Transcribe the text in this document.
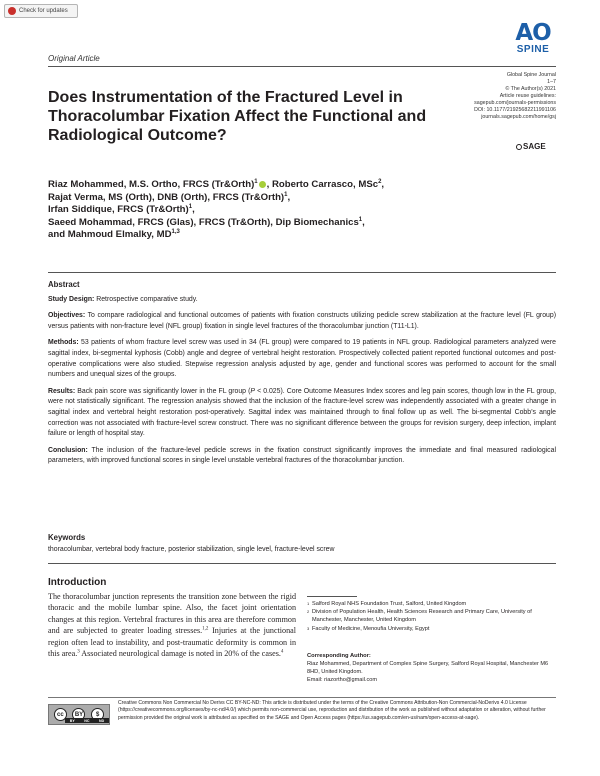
Check for updates
Original Article
AO
SPINE
Global Spine Journal
1–7
© The Author(s) 2021
Article reuse guidelines:
sagepub.com/journals-permissions
DOI: 10.1177/21925682211991106
journals.sagepub.com/home/gsj
SAGE
Does Instrumentation of the Fractured Level in Thoracolumbar Fixation Affect the Functional and Radiological Outcome?
Riaz Mohammed, M.S. Ortho, FRCS (Tr&Orth)$^1$ , Roberto Carrasco, MSc$^2$,
Rajat Verma, MS (Orth), DNB (Orth), FRCS (Tr&Orth)$^1$,
Irfan Siddique, FRCS (Tr&Orth)$^1$,
Saeed Mohammad, FRCS (Glas), FRCS (Tr&Orth), Dip Biomechanics$^1$,
and Mahmoud Elmalky, MD$^{1,3}$
Abstract

Study Design: Retrospective comparative study.

Objectives: To compare radiological and functional outcomes of patients with fixation constructs utilizing pedicle screw stabilization at the fracture level (FL group) versus patients with non-fracture level (NFL group) fixation in single level fractures of the thoracolumbar junction (T11-L1).

Methods: 53 patients of whom fracture level screw was used in 34 (FL group) were compared to 19 patients in NFL group. Radiological parameters analyzed were sagittal index, bi-segmental kyphosis (Cobb) angle and degree of vertebral height restoration. Prospectively collected patient reported functional outcomes and post-operative complications were also studied. Stepwise regression analysis adjusted by age, gender and functional scores was performed to account for the small numbers and unequal sizes of the groups.

Results: Back pain score was significantly lower in the FL group (P < 0.025). Core Outcome Measures Index scores and leg pain scores, though low in the FL group, were not statistically significant. The regression analysis showed that the inclusion of the fracture-level screw was independently associated with a greater change in sagittal index and vertebral height restoration post-operatively. Sagittal index was maintained through to final follow up as well. The bi-segmental Cobb’s angle correction was not associated with fracture-level screw construct. There was no significant difference between the groups for revision surgery, deep infection, implant failure or length of hospital stay.

Conclusion: The inclusion of the fracture-level pedicle screws in the fixation construct significantly improves the immediate and final measured radiological parameters, with improved functional scores in single level unstable vertebral fractures of the thoracolumbar junction.

Keywords
thoracolumbar, vertebral body fracture, posterior stabilization, single level, fracture-level screw
Introduction
The thoracolumbar junction represents the transition zone between the rigid thoracic and the mobile lumbar spine. Also, the facet joint orientation changes at this region. Vertebral fractures in this area are therefore common and are subjected to greater loading stresses.$^{1,2}$ Injuries at the junctional region often lead to instability, and post-traumatic deformity is common in this area.$^3$ Associated neurological damage is noted in 20% of the cases.$^4$
1 Salford Royal NHS Foundation Trust, Salford, United Kingdom
2 Division of Population Health, Health Sciences Research and Primary Care, University of Manchester, Manchester, United Kingdom
3 Faculty of Medicine, Menoufia University, Egypt
Corresponding Author:
Riaz Mohammed, Department of Complex Spine Surgery, Salford Royal Hospital, Manchester M6 8HD, United Kingdom.
Email: riazortho@gmail.com
cc	BY	$
BY	NC	ND
Creative Commons Non Commercial No Derivs CC BY-NC-ND: This article is distributed under the terms of the Creative Commons Attribution-Non Commercial-NoDerivs 4.0 License (https://creativecommons.org/licenses/by-nc-nd/4.0/) which permits non-commercial use, reproduction and distribution of the work as published without adaptation or alteration, without further permission provided the original work is attributed as specified on the SAGE and Open Access pages (https://us.sagepub.com/en-us/nam/open-access-at-sage).
